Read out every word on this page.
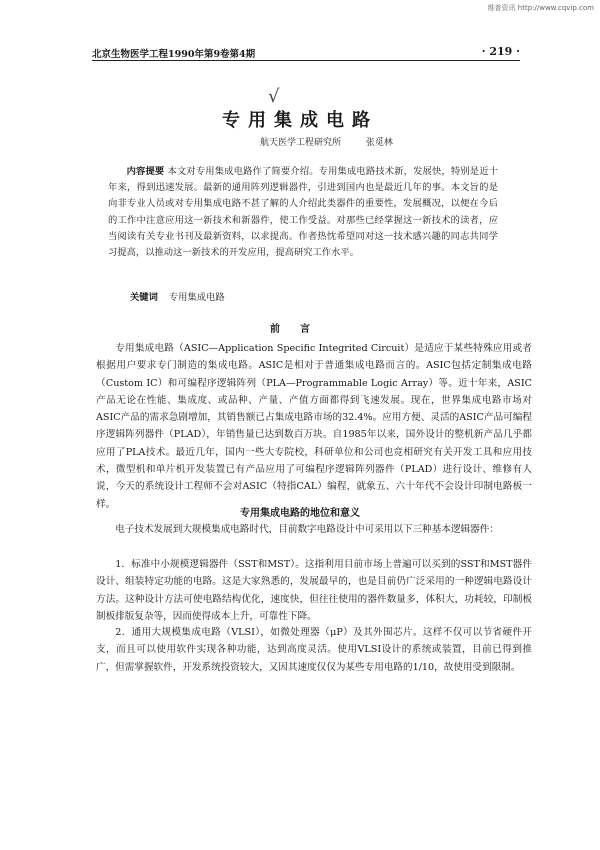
维普资讯 http://www.cqvip.com
北京生物医学工程1990年第9卷第4期	· 219 ·
√
专用集成电路
航天医学工程研究所	张觅林
内容提要 本文对专用集成电路作了简要介绍。专用集成电路技术新，发展快，特别是近十年来，得到迅速发展。最新的通用阵列逻辑器件，引进到国内也是最近几年的事。本文旨的是向非专业人员或对专用集成电路不甚了解的人介绍此类器件的重要性，发展概况，以便在今后的工作中注意应用这一新技术和新器件，使工作受益。对那些已经掌握这一新技术的读者，应当阅读有关专业书刊及最新资料，以求提高。作者热忱希望同对这一技术感兴趣的同志共同学习提高，以推动这一新技术的开发应用，提高研究工作水平。
关键词 专用集成电路
前言

专用集成电路（ASIC—Application Specific Integrited Circuit）是适应于某些特殊应用或者根据用户要求专门制造的集成电路。ASIC是相对于普通集成电路而言的。ASIC包括定制集成电路（Custom IC）和可编程序逻辑阵列（PLA—Programmable Logic Array）等。近十年来，ASIC产品无论在性能、集成度、或品种、产量、产值方面都得到飞速发展。现在，世界集成电路市场对ASIC产品的需求急剧增加，其销售额已占集成电路市场的32.4%。应用方便、灵活的ASIC产品可编程序逻辑阵列器件（PLAD），年销售量已达到数百万块。自1985年以来，国外设计的整机新产品几乎都应用了PLA技术。最近几年，国内一些大专院校，科研单位和公司也竞相研究有关开发工具和应用技术，微型机和单片机开发装置已有产品应用了可编程序逻辑阵列器件（PLAD）进行设计、维修有人说，今天的系统设计工程师不会对ASIC（特指CAL）编程，就象五、六十年代不会设计印制电路板一样。

专用集成电路的地位和意义

电子技术发展到大规模集成电路时代，目前数字电路设计中可采用以下三种基本逻辑器件：

1．标准中小规模逻辑器件（SST和MST）。这指利用目前市场上普遍可以买到的SST和MST器件设计、组装特定功能的电路。这是大家熟悉的，发展最早的，也是目前仍广泛采用的一种逻辑电路设计方法。这种设计方法可使电路结构优化，速度快，但往往使用的器件数量多，体积大，功耗较，印制板制板排版复杂等，因而使得成本上升，可靠性下降。

2．通用大规模集成电路（VLSI），如微处理器（μP）及其外围芯片。这样不仅可以节省硬件开支，而且可以使用软件实现各种功能，达到高度灵活。使用VLSI设计的系统或装置，目前已得到推广，但需掌握软件，开发系统投资较大，又因其速度仅仅为某些专用电路的1/10，故使用受到限制。
